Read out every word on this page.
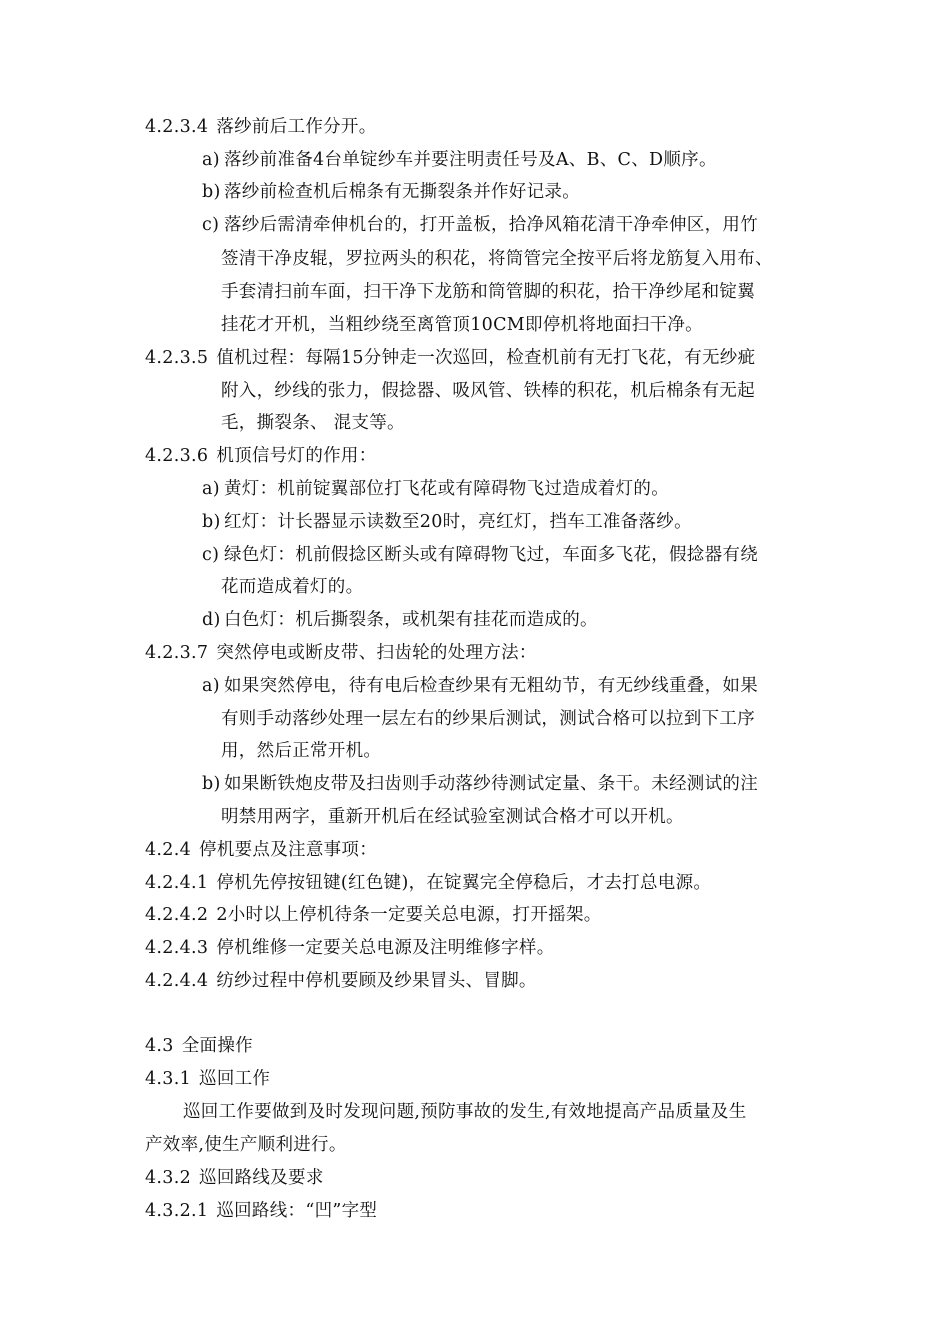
4.2.3.4 落纱前后工作分开。
a) 落纱前准备4台单锭纱车并要注明责任号及A、B、C、D顺序。
b) 落纱前检查机后棉条有无撕裂条并作好记录。
c) 落纱后需清牵伸机台的，打开盖板，拾净风箱花清干净牵伸区，用竹
签清干净皮辊，罗拉两头的积花，将筒管完全按平后将龙筋复入用布、
手套清扫前车面，扫干净下龙筋和筒管脚的积花，拾干净纱尾和锭翼
挂花才开机，当粗纱绕至离管顶10CM即停机将地面扫干净。
4.2.3.5 值机过程：每隔15分钟走一次巡回，检查机前有无打飞花，有无纱疵
附入，纱线的张力，假捻器、吸风管、铁棒的积花，机后棉条有无起
毛，撕裂条、 混支等。
4.2.3.6 机顶信号灯的作用：
a) 黄灯：机前锭翼部位打飞花或有障碍物飞过造成着灯的。
b) 红灯：计长器显示读数至20时，亮红灯，挡车工准备落纱。
c) 绿色灯：机前假捻区断头或有障碍物飞过，车面多飞花，假捻器有绕
花而造成着灯的。
d) 白色灯：机后撕裂条，或机架有挂花而造成的。
4.2.3.7 突然停电或断皮带、扫齿轮的处理方法：
a) 如果突然停电，待有电后检查纱果有无粗幼节，有无纱线重叠，如果
有则手动落纱处理一层左右的纱果后测试，测试合格可以拉到下工序
用，然后正常开机。
b) 如果断铁炮皮带及扫齿则手动落纱待测试定量、条干。未经测试的注
明禁用两字，重新开机后在经试验室测试合格才可以开机。
4.2.4 停机要点及注意事项：
4.2.4.1 停机先停按钮键(红色键)，在锭翼完全停稳后，才去打总电源。
4.2.4.2 2小时以上停机待条一定要关总电源，打开摇架。
4.2.4.3 停机维修一定要关总电源及注明维修字样。
4.2.4.4 纺纱过程中停机要顾及纱果冒头、冒脚。
4.3 全面操作
4.3.1 巡回工作
巡回工作要做到及时发现问题,预防事故的发生,有效地提高产品质量及生
产效率,使生产顺利进行。
4.3.2 巡回路线及要求
4.3.2.1 巡回路线：“凹”字型
